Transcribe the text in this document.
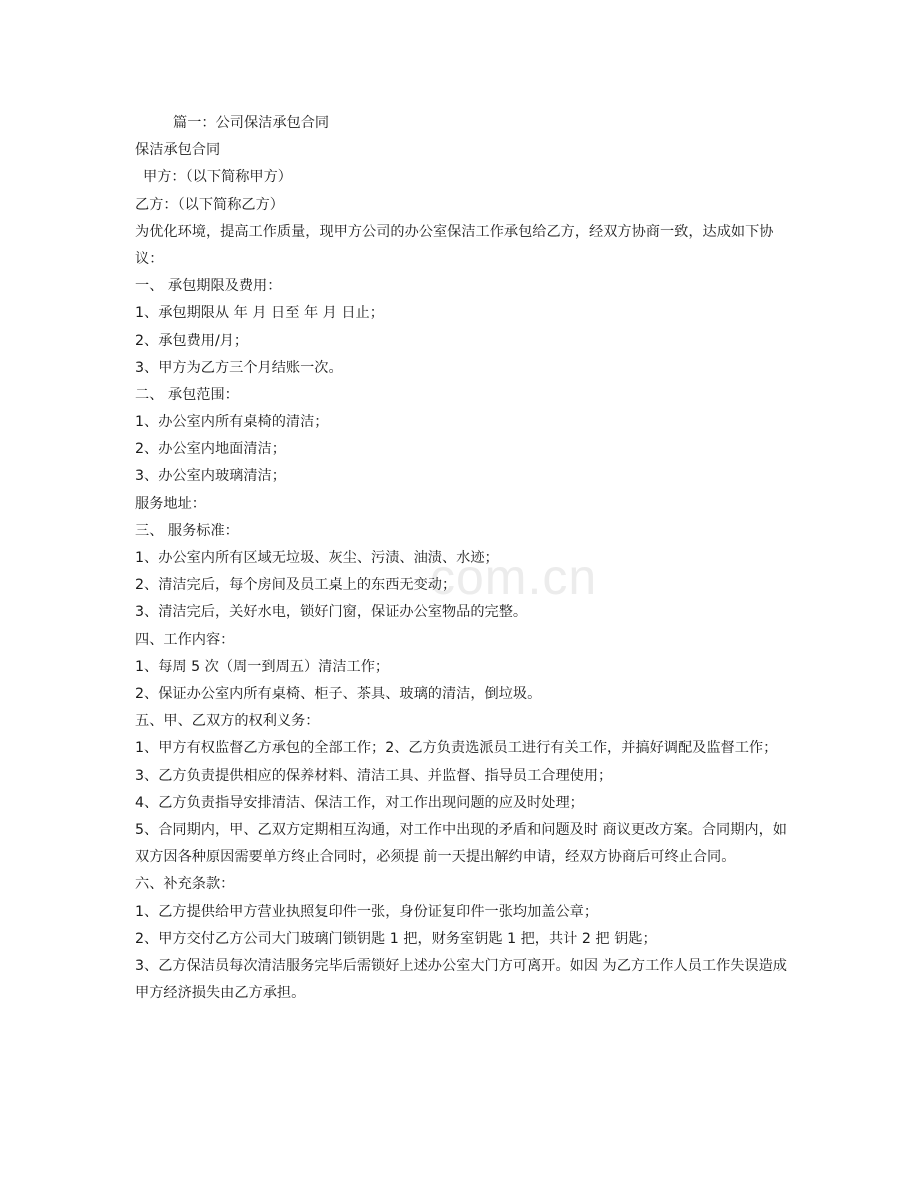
com.cn
篇一：公司保洁承包合同
保洁承包合同
甲方：（以下简称甲方）
乙方：（以下简称乙方）
为优化环境，提高工作质量，现甲方公司的办公室保洁工作承包给乙方，经双方协商一致，达成如下协议：
一、 承包期限及费用：
1、承包期限从 年 月 日至 年 月 日止；
2、承包费用/月；
3、甲方为乙方三个月结账一次。
二、 承包范围：
1、办公室内所有桌椅的清洁；
2、办公室内地面清洁；
3、办公室内玻璃清洁；
服务地址：
三、 服务标准：
1、办公室内所有区域无垃圾、灰尘、污渍、油渍、水迹；
2、清洁完后，每个房间及员工桌上的东西无变动；
3、清洁完后，关好水电，锁好门窗，保证办公室物品的完整。
四、工作内容：
1、每周 5 次（周一到周五）清洁工作；
2、保证办公室内所有桌椅、柜子、茶具、玻璃的清洁，倒垃圾。
五、甲、乙双方的权利义务：
1、甲方有权监督乙方承包的全部工作；2、乙方负责选派员工进行有关工作，并搞好调配及监督工作；
3、乙方负责提供相应的保养材料、清洁工具、并监督、指导员工合理使用；
4、乙方负责指导安排清洁、保洁工作，对工作出现问题的应及时处理；
5、合同期内，甲、乙双方定期相互沟通，对工作中出现的矛盾和问题及时 商议更改方案。合同期内，如双方因各种原因需要单方终止合同时，必须提 前一天提出解约申请，经双方协商后可终止合同。
六、补充条款：
1、乙方提供给甲方营业执照复印件一张，身份证复印件一张均加盖公章；
2、甲方交付乙方公司大门玻璃门锁钥匙 1 把，财务室钥匙 1 把，共计 2 把 钥匙；
3、乙方保洁员每次清洁服务完毕后需锁好上述办公室大门方可离开。如因 为乙方工作人员工作失误造成甲方经济损失由乙方承担。
